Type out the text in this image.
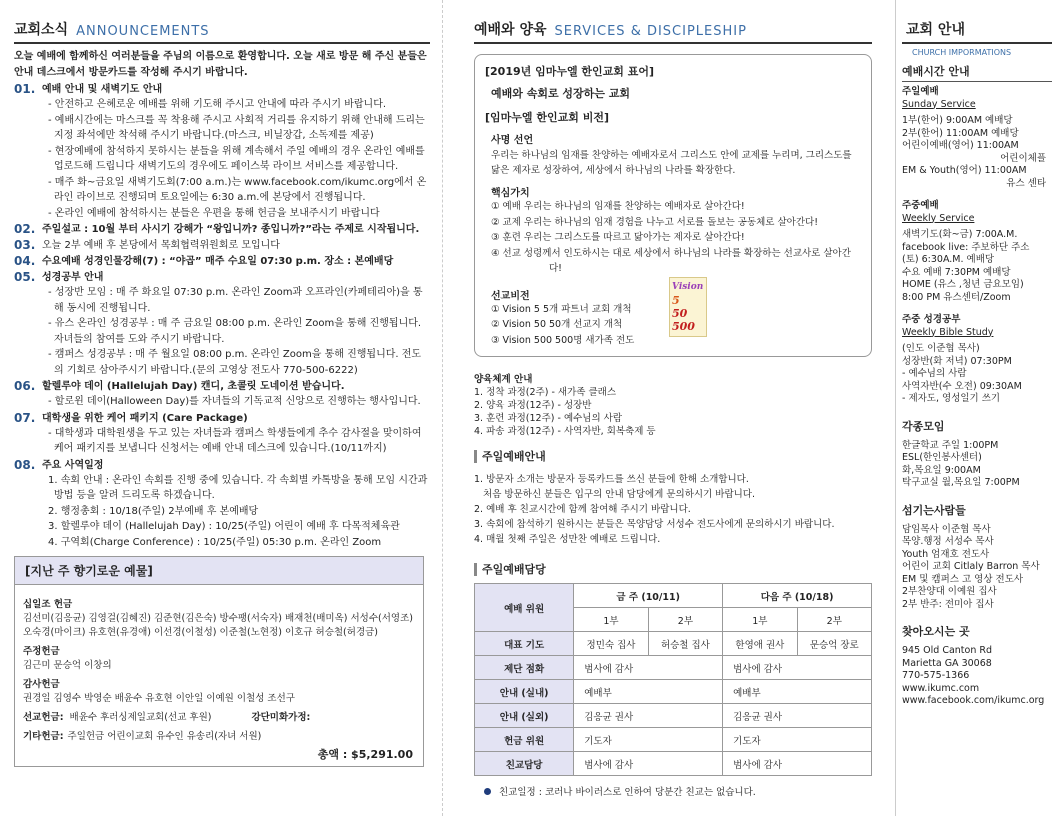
교회소식 ANNOUNCEMENTS
오늘 예배에 함께하신 여러분들을 주님의 이름으로 환영합니다. 오늘 새로 방문 해 주신 분들은 안내 데스크에서 방문카드를 작성해 주시기 바랍니다.
01. 예배 안내 및 새벽기도 안내

- 안전하고 은혜로운 예배를 위해 기도해 주시고 안내에 따라 주시기 바랍니다.

- 예배시간에는 마스크를 꼭 착용해 주시고 사회적 거리를 유지하기 위해 안내해 드리는 지정 좌석에만 착석해 주시기 바랍니다.(마스크, 비닐장갑, 소독제를 제공)

- 현장예배에 참석하지 못하시는 분들을 위해 계속해서 주일 예배의 경우 온라인 예배를 업로드해 드립니다 새벽기도의 경우에도 페이스북 라이브 서비스를 제공합니다.

- 매주 화~금요일 새벽기도회(7:00 a.m.)는 www.facebook.com/ikumc.org에서 온라인 라이브로 진행되며 토요일에는 6:30 a.m.에 본당에서 진행됩니다.

- 온라인 예배에 참석하시는 분들은 우편을 통해 헌금을 보내주시기 바랍니다

02. 주일설교 : 10월 부터 사시기 강해가 “왕입니까? 종입니까?”라는 주제로 시작됩니다.
03. 오늘 2부 예배 후 본당에서 목회협력위원회로 모입니다
04. 수요예배 성경인물강해(7) : “야곱” 매주 수요일 07:30 p.m. 장소 : 본예배당
05. 성경공부 안내

- 성장반 모임 : 매 주 화요일 07:30 p.m. 온라인 Zoom과 오프라인(카페테리아)을 통해 동시에 진행됩니다.

- 유스 온라인 성경공부 : 매 주 금요일 08:00 p.m. 온라인 Zoom을 통해 진행됩니다. 자녀들의 참여를 도와 주시기 바랍니다.

- 캠퍼스 성경공부 : 매 주 월요일 08:00 p.m. 온라인 Zoom을 통해 진행됩니다. 전도의 기회로 삼아주시기 바랍니다.(문의 고영상 전도사 770-500-6222)

06. 할렐루야 데이 (Hallelujah Day) 캔디, 초콜릿 도네이션 받습니다.

- 할로윈 데이(Halloween Day)를 자녀들의 기독교적 신앙으로 진행하는 행사입니다.

07. 대학생을 위한 케어 패키지 (Care Package)

- 대학생과 대학원생을 두고 있는 자녀들과 캠퍼스 학생들에게 추수 감사절을 맞이하여 케어 패키지를 보냅니다 신청서는 예배 안내 데스크에 있습니다.(10/11까지)

08. 주요 사역일정

1. 속회 안내 : 온라인 속회를 진행 중에 있습니다. 각 속회별 카톡방을 통해 모임 시간과 방법 등을 알려 드리도록 하겠습니다.

2. 행정총회 : 10/18(주일) 2부예배 후 본예배당

3. 할렐루야 데이 (Hallelujah Day) : 10/25(주일) 어린이 예배 후 다목적체육관

4. 구역회(Charge Conference) : 10/25(주일) 05:30 p.m. 온라인 Zoom

[지난 주 향기로운 예물]
십일조 헌금
김선미(김응균) 김영걸(김혜진) 김준현(김은숙) 방수팽(서숙자) 배재천(배미옥) 서성수(서영조) 오숙경(마이크) 유호현(유경애) 이선경(이철성) 이준철(노현정) 이호규 허승철(허경금)
주정헌금
김근미 문승억 이창의
감사헌금
권경일 김영수 박영순 배윤수 유호현 이안일 이예원 이철성 조선구
선교헌금: 배윤수 후러싱제일교회(선교 후원)	강단미화가정:
기타헌금: 주일헌금 어린이교회 유수인 유송리(자녀 서원)
총액 : $5,291.00
예배와 양육 SERVICES & DISCIPLESHIP
[2019년 임마누엘 한인교회 표어]
예배와 속회로 성장하는 교회
[임마누엘 한인교회 비전]
사명 선언
우리는 하나님의 임재를 찬양하는 예배자로서 그리스도 안에 교제를 누리며, 그리스도를 닮은 제자로 성장하여, 세상에서 하나님의 나라를 확장한다.
핵심가치
① 예배 우리는 하나님의 임재를 찬양하는 예배자로 살아간다!
② 교제 우리는 하나님의 임재 경험을 나누고 서로를 돌보는 공동체로 살아간다!
③ 훈련 우리는 그리스도를 따르고 닮아가는 제자로 살아간다!
④ 선교 성령께서 인도하시는 대로 세상에서 하나님의 나라를 확장하는 선교사로 살아간다!
선교비전
① Vision 5 5개 파트너 교회 개척
② Vision 50 50개 선교지 개척
③ Vision 500 500명 새가족 전도
Vision
5
50
500
양육체계 안내
1. 정착 과정(2주) - 새가족 클래스
2. 양육 과정(12주) - 성장반
3. 훈련 과정(12주) - 예수님의 사람
4. 파송 과정(12주) - 사역자반, 회복축제 등
주일예배안내
1. 방문자 소개는 방문자 등록카드를 쓰신 분들에 한해 소개합니다.
처음 방문하신 분들은 입구의 안내 담당에게 문의하시기 바랍니다.
2. 예배 후 친교시간에 함께 참여해 주시기 바랍니다.
3. 속회에 참석하기 원하시는 분들은 목양담당 서성수 전도사에게 문의하시기 바랍니다.
4. 매월 첫째 주일은 성만찬 예배로 드립니다.
주일예배담당
예배 위원	금 주 (10/11)		다음 주 (10/18)	
	1부	2부	1부	2부
대표 기도	정민숙 집사	허승철 집사	한영애 권사	문승억 장로
제단 점화	범사에 감사		범사에 감사	
안내 (실내)	예배부		예배부	
안내 (실외)	김응균 권사		김응균 권사	
헌금 위원	기도자		기도자	
친교담당	범사에 감사		범사에 감사	
친교일정 : 코러나 바이러스로 인하여 당분간 친교는 없습니다.
교회 안내
CHURCH IMPORMATIONS
예배시간 안내
주일예배
Sunday Service
1부(한어) 9:00AM 예배당
2부(한어) 11:00AM 예배당
어린이예배(영어) 11:00AM
어린이체플
EM & Youth(영어) 11:00AM
유스 센타
주중예배
Weekly Service
새벽기도(화~금) 7:00A.M.
facebook live: 주보하단 주소
(토) 6:30A.M. 예배당
수요 예배 7:30PM 예배당
HOME (유스 ,청년 금요모임)
8:00 PM 유스센터/Zoom
주중 성경공부
Weekly Bible Study
(인도 이준협 목사)
성장반(화 저녁) 07:30PM
- 예수님의 사람
사역자반(수 오전) 09:30AM
- 제자도, 영성일기 쓰기
각종모임
한글학교 주일 1:00PM
ESL(한인봉사센터)
화,목요일 9:00AM
탁구교실 월,목요일 7:00PM
섬기는사람들
담임목사 이준협 목사
목양.행정 서성수 목사
Youth 엄재호 전도사
어린이 교회 Citlaly Barron 목사
EM 및 캠퍼스 고 영상 전도사
2부찬양대 이예원 집사
2부 반주: 전미아 집사
찾아오시는 곳
945 Old Canton Rd
Marietta GA 30068
770-575-1366
www.ikumc.com
www.facebook.com/ikumc.org
